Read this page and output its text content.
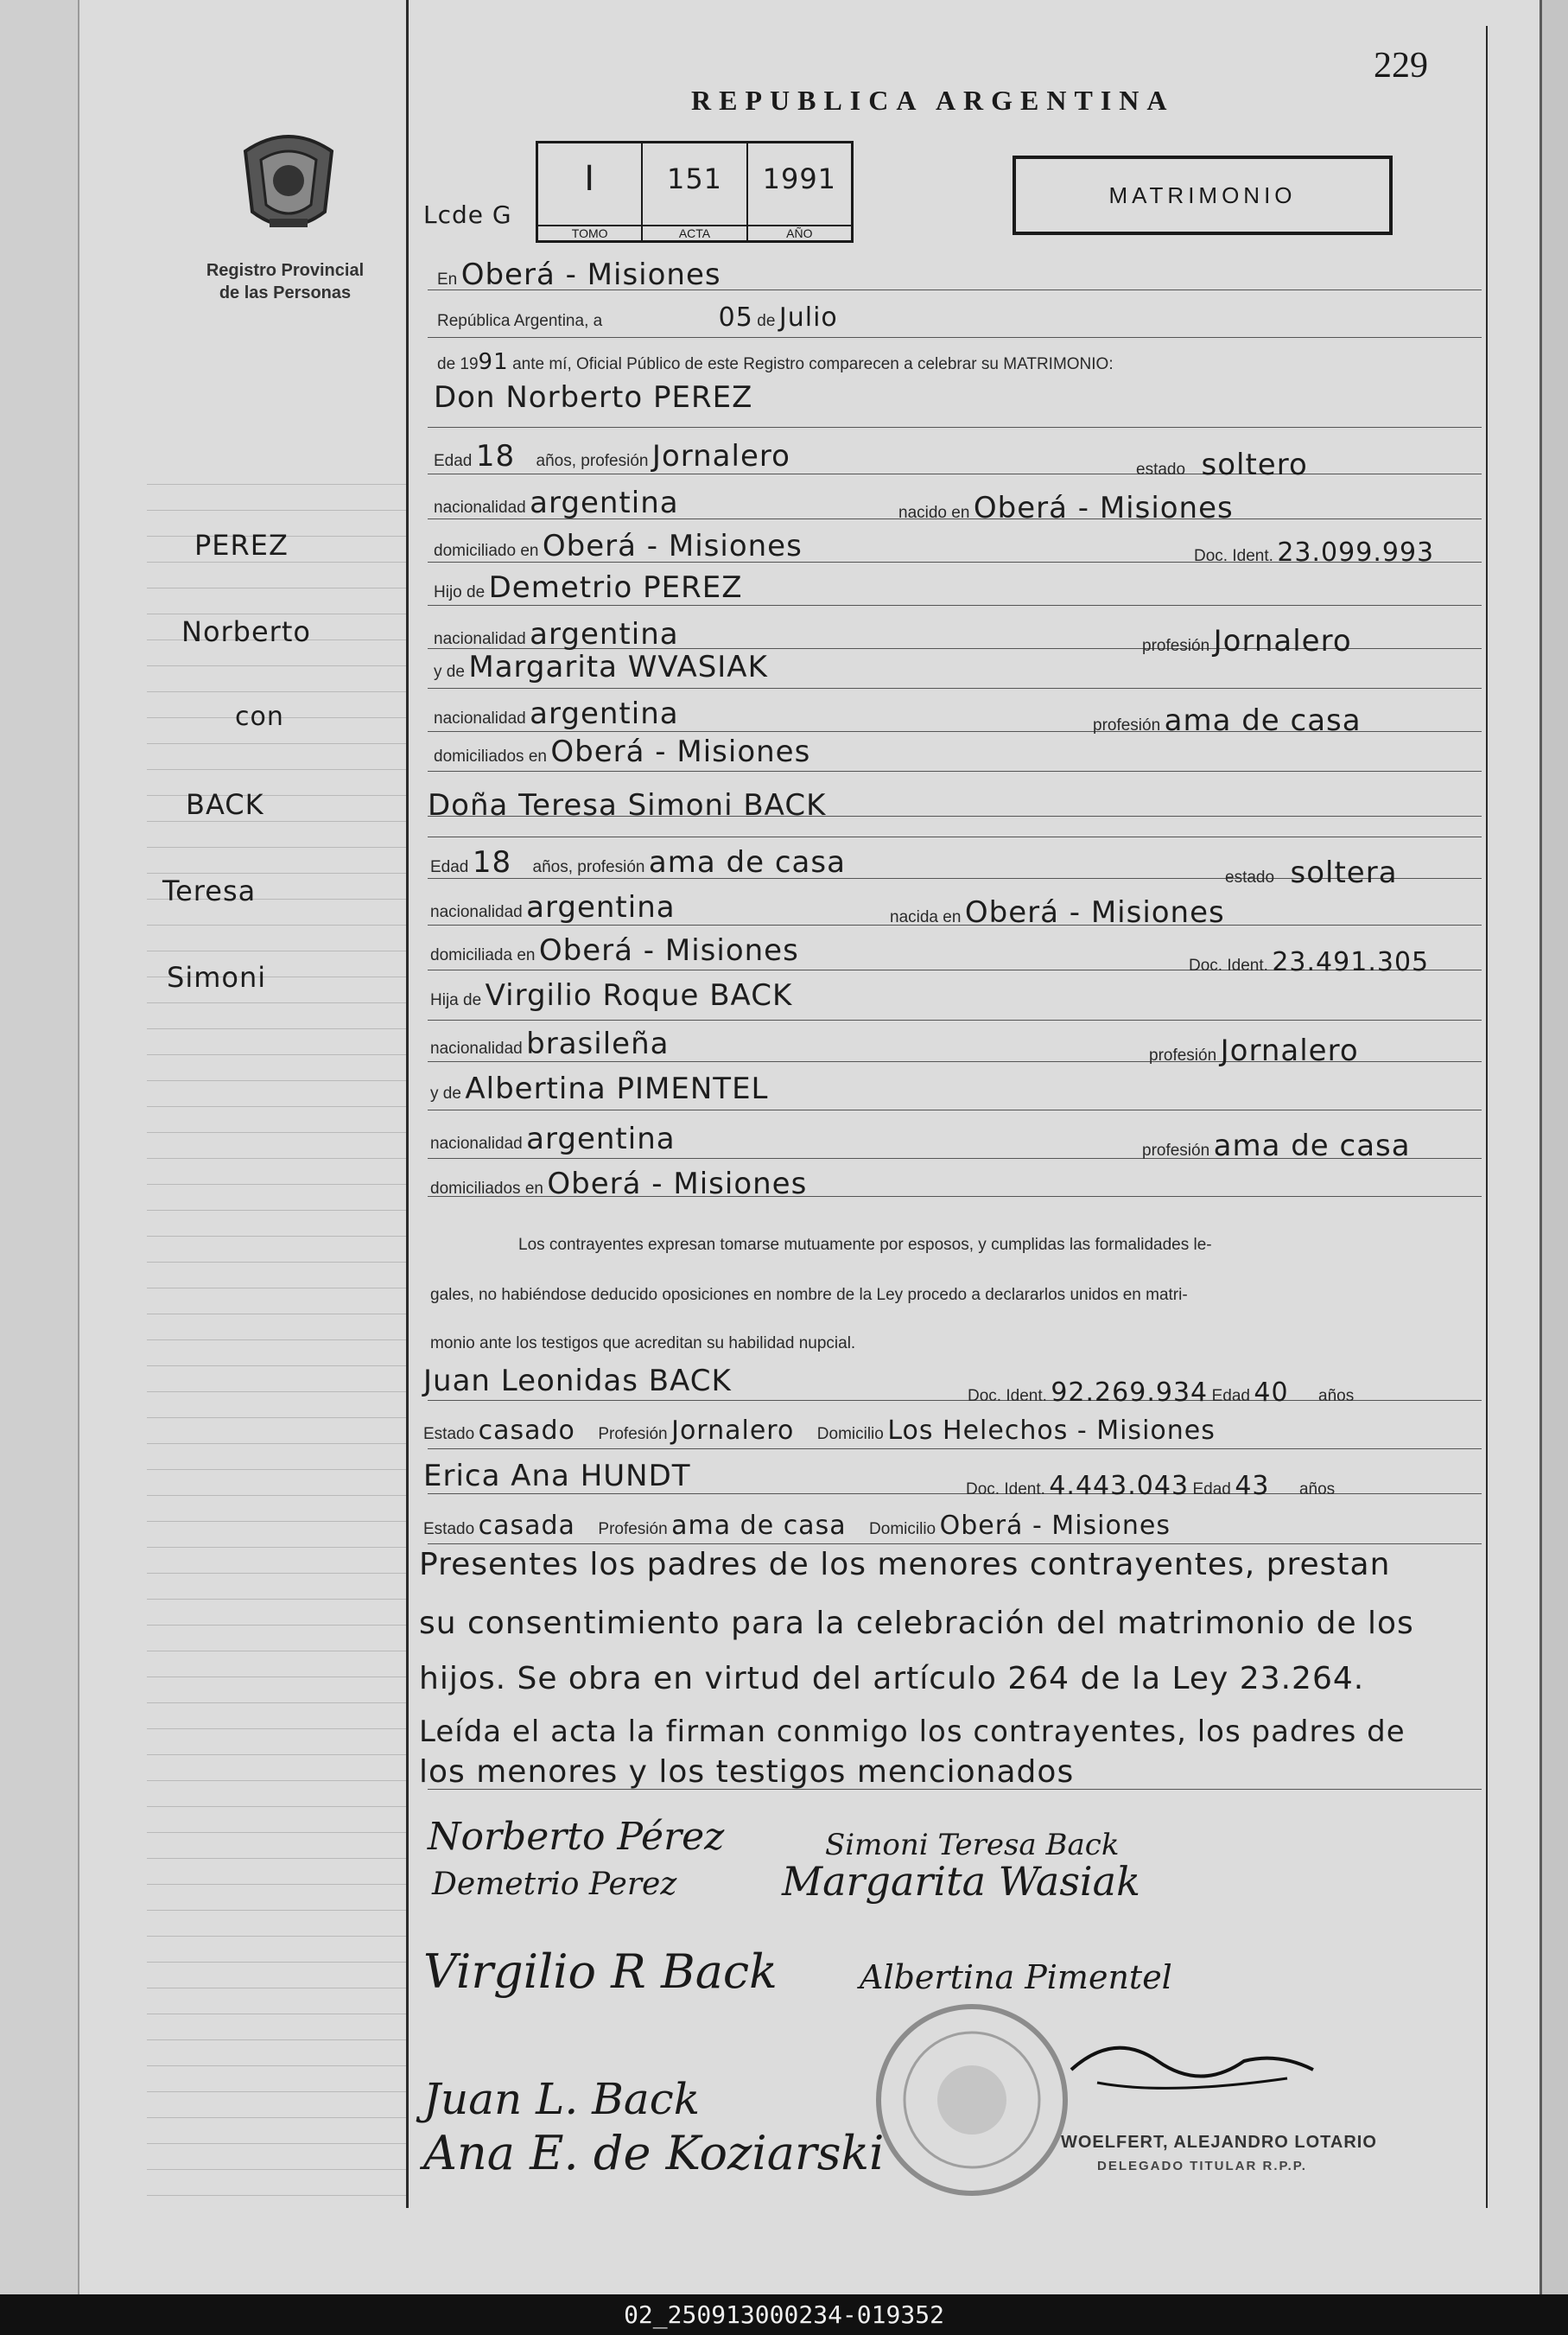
Registro Provincial
de las Personas
PEREZ
Norberto
con
BACK
Teresa
Simoni
229
REPUBLICA ARGENTINA
MATRIMONIO
I
TOMO
151
ACTA
1991
AÑO
Lcde G
En Oberá - Misiones
República Argentina, a	05 de Julio
de 1991 ante mí, Oficial Público de este Registro comparecen a celebrar su MATRIMONIO:
Don Norberto PEREZ
Edad 18 años, profesión Jornalero	estado soltero
nacionalidad argentina	nacido en Oberá - Misiones
domiciliado en Oberá - Misiones	Doc. Ident. 23.099.993
Hijo de Demetrio PEREZ
nacionalidad argentina	profesión Jornalero
y de Margarita WVASIAK
nacionalidad argentina	profesión ama de casa
domiciliados en Oberá - Misiones
Doña Teresa Simoni BACK
Edad 18 años, profesión ama de casa	estado soltera
nacionalidad argentina	nacida en Oberá - Misiones
domiciliada en Oberá - Misiones	Doc. Ident. 23.491.305
Hija de Virgilio Roque BACK
nacionalidad brasileña	profesión Jornalero
y de Albertina PIMENTEL
nacionalidad argentina	profesión ama de casa
domiciliados en Oberá - Misiones
Los contrayentes expresan tomarse mutuamente por esposos, y cumplidas las formalidades le-
gales, no habiéndose deducido oposiciones en nombre de la Ley procedo a declararlos unidos en matri-
monio ante los testigos que acreditan su habilidad nupcial.
Juan Leonidas BACK	Doc. Ident. 92.269.934 Edad 40 años
Estado casado Profesión Jornalero Domicilio Los Helechos - Misiones
Erica Ana HUNDT	Doc. Ident. 4.443.043 Edad 43 años
Estado casada Profesión ama de casa Domicilio Oberá - Misiones
Presentes los padres de los menores contrayentes, prestan
su consentimiento para la celebración del matrimonio de los
hijos. Se obra en virtud del artículo 264 de la Ley 23.264.
Leída el acta la firman conmigo los contrayentes, los padres de
los menores y los testigos mencionados
Norberto Pérez	Simoni Teresa Back
Demetrio Perez	Margarita Wasiak
Virgilio R Back	Albertina Pimentel
Juan L. Back
Ana E. de Koziarski	WOELFERT, ALEJANDRO LOTARIO
DELEGADO TITULAR R.P.P.
02_250913000234-019352
